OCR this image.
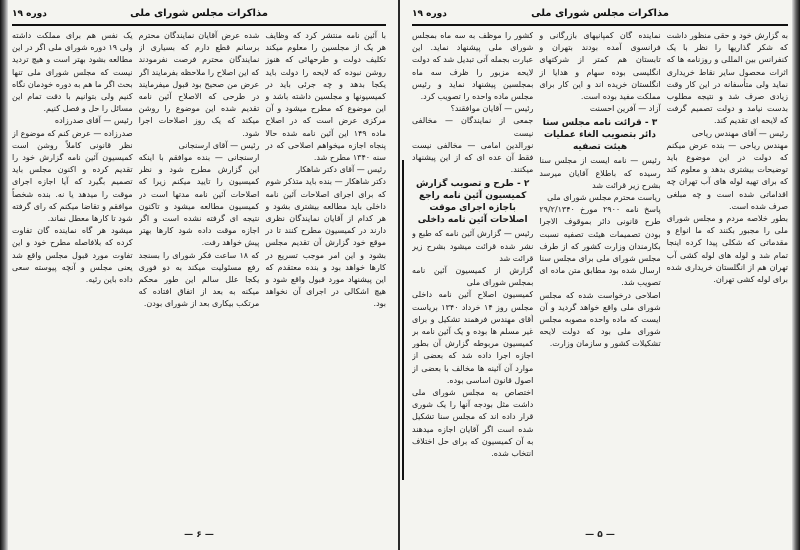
مذاکرات مجلس شورای ملی
دوره ۱۹

با آئین نامه منتشر کرد که وظایف هر یک از مجلسین را معلوم میکند تکلیف دولت و طرحهائی که هنوز روشن نبوده که لایحه را دولت باید یکجا بدهد و چه جرئی باید در کمیسیونها و مجلسین داشته باشد و این موضوع که مطرح میشود و آن مرکزی عرض است که در اصلاح ماده ۱۴۹ این آئین نامه شده حالا پنجاه اجازه میخواهم اصلاحی که در سنه ۱۳۴۰ مطرح شد.

رئیس — آقای دکتر شاهکار

دکتر شاهکار — بنده باید متذکر شوم که برای اجرای اصلاحات آئین نامه داخلی باید مطالعه بیشتری بشود و هر کدام از آقایان نمایندگان نظری دارند در کمیسیون مطرح کنند تا در موقع خود گزارش آن تقدیم مجلس بشود و این امر موجب تسریع در کارها خواهد بود و بنده معتقدم که این پیشنهاد مورد قبول واقع شود و هیچ اشکالی در اجرای آن نخواهد بود.

شده عرض آقایان نمایندگان محترم برسانم قطع دارم که بسیاری از نمایندگان محترم فرصت نفرمودند که این اصلاح را ملاحظه بفرمایند اگر عرض من صحیح بود قبول میفرمایند در طرحی که الاصلاح آئین نامه تقدیم شده این موضوع را روشن میکند که یک روز اصلاحات اجرا شود.

رئیس — آقای ارسنجانی

ارسنجانی — بنده موافقم با اینکه این گزارش مطرح شود و نظر کمیسیون را تایید میکنم زیرا که اصلاحات آئین نامه مدتها است در کمیسیون مطالعه میشود و تاکنون نتیجه ای گرفته نشده است و اگر اجازه موقت داده شود کارها بهتر پیش خواهد رفت.

که ۱۸ ساعت فکر شورای را بسنجد رفع مسئولیت میکند به دو فوری یکجا علل سالم این طور محکم میکنه به بعد از اتفاق افتاده که مرتکب بیکاری بعد از شورای بودن.

یک نفس هم برای مملکت داشته ولی ۱۹ دوره شورای ملی اگر در این مطالعه بشود بهتر است و هیچ تردید نیست که مجلس شورای ملی تنها بحث اگر ما هم به دوره خودمان نگاه کنیم ولی بتوانیم با دقت تمام این مسائل را حل و فصل کنیم.

رئیس — آقای صدرزاده

صدرزاده — عرض کنم که موضوع از نظر قانونی کاملاً روشن است کمیسیون آئین نامه گزارش خود را تقدیم کرده و اکنون مجلس باید تصمیم بگیرد که آیا اجازه اجرای موقت را میدهد یا نه. بنده شخصاً موافقم و تقاضا میکنم که رای گرفته شود تا کارها معطل نماند.

میشود هر گاه نماینده گان تفاوت کرده که بلافاصله مطرح خود و این تفاوت مورد قبول مجلس واقع شد یعنی مجلس و آنچه پیوسته سعی داده باین رئیه.

— ۶ —
مذاکرات مجلس شورای ملی
دوره ۱۹

به گزارش خود و حقی منظور داشت که شکر گذاریها را نظر با یک کنفرانس بین المللی و روزنامه ها که اثرات محصول سایر نقاط خریداری نماید ولی متأسفانه در این کار وقت زیادی صرف شد و نتیجه مطلوب بدست نیامد و دولت تصمیم گرفت که لایحه ای تقدیم کند.

رئیس — آقای مهندس ریاحی

مهندس ریاحی — بنده عرض میکنم که دولت در این موضوع باید توضیحات بیشتری بدهد و معلوم کند که برای تهیه لوله های آب تهران چه اقداماتی شده است و چه مبلغی صرف شده است.

بطور خلاصه مردم و مجلس شورای ملی را مجبور بکنند که ما انواع و مقدماتی که شکلی پیدا کرده اینجا تمام شد و لوله های لوله کشی آب تهران هم از انگلستان خریداری شده برای لوله کشی تهران.

نماینده گان کمپانیهای بازرگانی و فرانسوی آمده بودند بتهران و تابستان هم کمتر از شرکتهای انگلیسی بوده سهام و هدایا از انگلستان خریده اند و این کار برای مملکت مفید بوده است.

آزاد — آفرین احسنت

۳ - قرائت نامه مجلس سنا دائر بتصویب الغاء عملیات هیئت تصفیه

رئیس — نامه ایست از مجلس سنا رسیده که باطلاع آقایان میرسد بشرح زیر قرائت شد

ریاست محترم مجلس شورای ملی

پاسخ نامه ۲۹۰۰ مورخ ۲۹/۲/۱۳۴۰ طرح قانونی دائر بموقوف الاجرا بودن تصمیمات هیئت تصفیه نسبت بکارمندان وزارت کشور که از طرف مجلس شورای ملی برای مجلس سنا ارسال شده بود مطابق متن ماده ای تصویب شد.

اصلاحی درخواست شده که مجلس شورای ملی واقع خواهد گردید و آن ایست که ماده واحده مصوبه مجلس شورای ملی بود که دولت لایحه تشکیلات کشور و سازمان وزارت.

کشور را موظف به سه ماه بمجلس شورای ملی پیشنهاد نماید. این عبارت بجمله آتی تبدیل شد که دولت لایحه مزبور را ظرف سه ماه بمجلسین پیشنهاد نماید و رئیس مجلس ماده واحده را تصویب کرد.

رئیس — آقایان موافقند؟

جمعی از نمایندگان — مخالفی نیست

نورالدین امامی — مخالفی نیست فقط آن عده ای که از این پیشنهاد میکنند.

۲ - طرح و تصویب گزارش کمیسیون آئین نامه راجع باجازه اجرای موقت اصلاحات آئین نامه داخلی

رئیس — گزارش آئین نامه که طبع و نشر شده قرائت میشود بشرح زیر قرائت شد

گزارش از کمیسیون آئین نامه بمجلس شورای ملی

کمیسیون اصلاح آئین نامه داخلی مجلس روز ۱۴ خرداد ۱۳۴۰ بریاست آقای مهندس فرهمند تشکیل و برای غیر مسلم ها بوده و یک آئین نامه بر کمیسیون مربوطه گزارش آن بطور اجازه اجرا داده شد که بعضی از موارد آن آئینه ها مخالف با بعضی از اصول قانون اساسی بوده.

اختصاص به مجلس شورای ملی داشت مثل بودجه آنها را یک شوری قرار داده اند که مجلس سنا تشکیل شده است اگر آقایان اجازه میدهند به آن کمیسیون که برای حل اختلاف انتخاب شده.

— ۵ —
